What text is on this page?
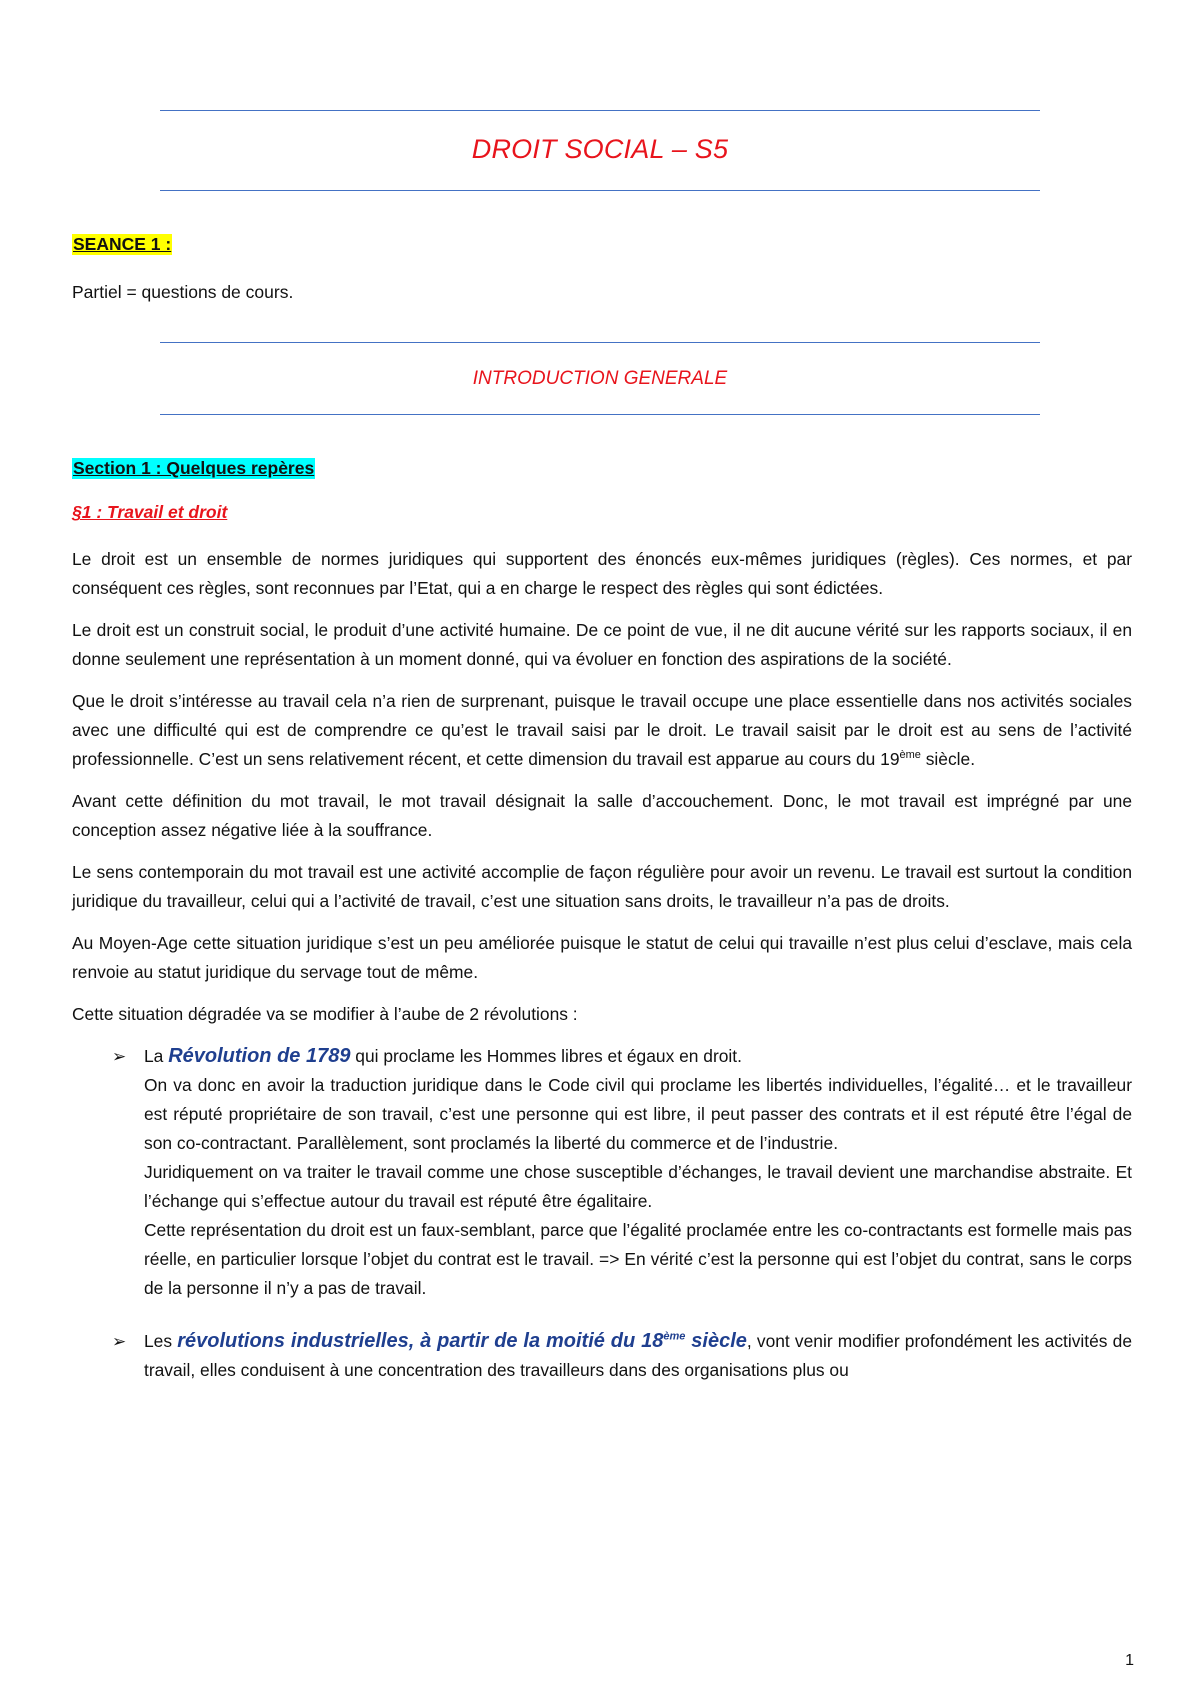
DROIT SOCIAL – S5
SEANCE 1 :
Partiel = questions de cours.
INTRODUCTION GENERALE
Section 1 : Quelques repères
§1 : Travail et droit

Le droit est un ensemble de normes juridiques qui supportent des énoncés eux-mêmes juridiques (règles). Ces normes, et par conséquent ces règles, sont reconnues par l’Etat, qui a en charge le respect des règles qui sont édictées.

Le droit est un construit social, le produit d’une activité humaine. De ce point de vue, il ne dit aucune vérité sur les rapports sociaux, il en donne seulement une représentation à un moment donné, qui va évoluer en fonction des aspirations de la société.

Que le droit s’intéresse au travail cela n’a rien de surprenant, puisque le travail occupe une place essentielle dans nos activités sociales avec une difficulté qui est de comprendre ce qu’est le travail saisi par le droit. Le travail saisit par le droit est au sens de l’activité professionnelle. C’est un sens relativement récent, et cette dimension du travail est apparue au cours du 19ème siècle.

Avant cette définition du mot travail, le mot travail désignait la salle d’accouchement. Donc, le mot travail est imprégné par une conception assez négative liée à la souffrance.

Le sens contemporain du mot travail est une activité accomplie de façon régulière pour avoir un revenu. Le travail est surtout la condition juridique du travailleur, celui qui a l’activité de travail, c’est une situation sans droits, le travailleur n’a pas de droits.

Au Moyen-Age cette situation juridique s’est un peu améliorée puisque le statut de celui qui travaille n’est plus celui d’esclave, mais cela renvoie au statut juridique du servage tout de même.

Cette situation dégradée va se modifier à l’aube de 2 révolutions :

➢ La Révolution de 1789 qui proclame les Hommes libres et égaux en droit.
On va donc en avoir la traduction juridique dans le Code civil qui proclame les libertés individuelles, l’égalité… et le travailleur est réputé propriétaire de son travail, c’est une personne qui est libre, il peut passer des contrats et il est réputé être l’égal de son co-contractant. Parallèlement, sont proclamés la liberté du commerce et de l’industrie.
Juridiquement on va traiter le travail comme une chose susceptible d’échanges, le travail devient une marchandise abstraite. Et l’échange qui s’effectue autour du travail est réputé être égalitaire.
Cette représentation du droit est un faux-semblant, parce que l’égalité proclamée entre les co-contractants est formelle mais pas réelle, en particulier lorsque l’objet du contrat est le travail. => En vérité c’est la personne qui est l’objet du contrat, sans le corps de la personne il n’y a pas de travail.
➢ Les révolutions industrielles, à partir de la moitié du 18ème siècle, vont venir modifier profondément les activités de travail, elles conduisent à une concentration des travailleurs dans des organisations plus ou
1
